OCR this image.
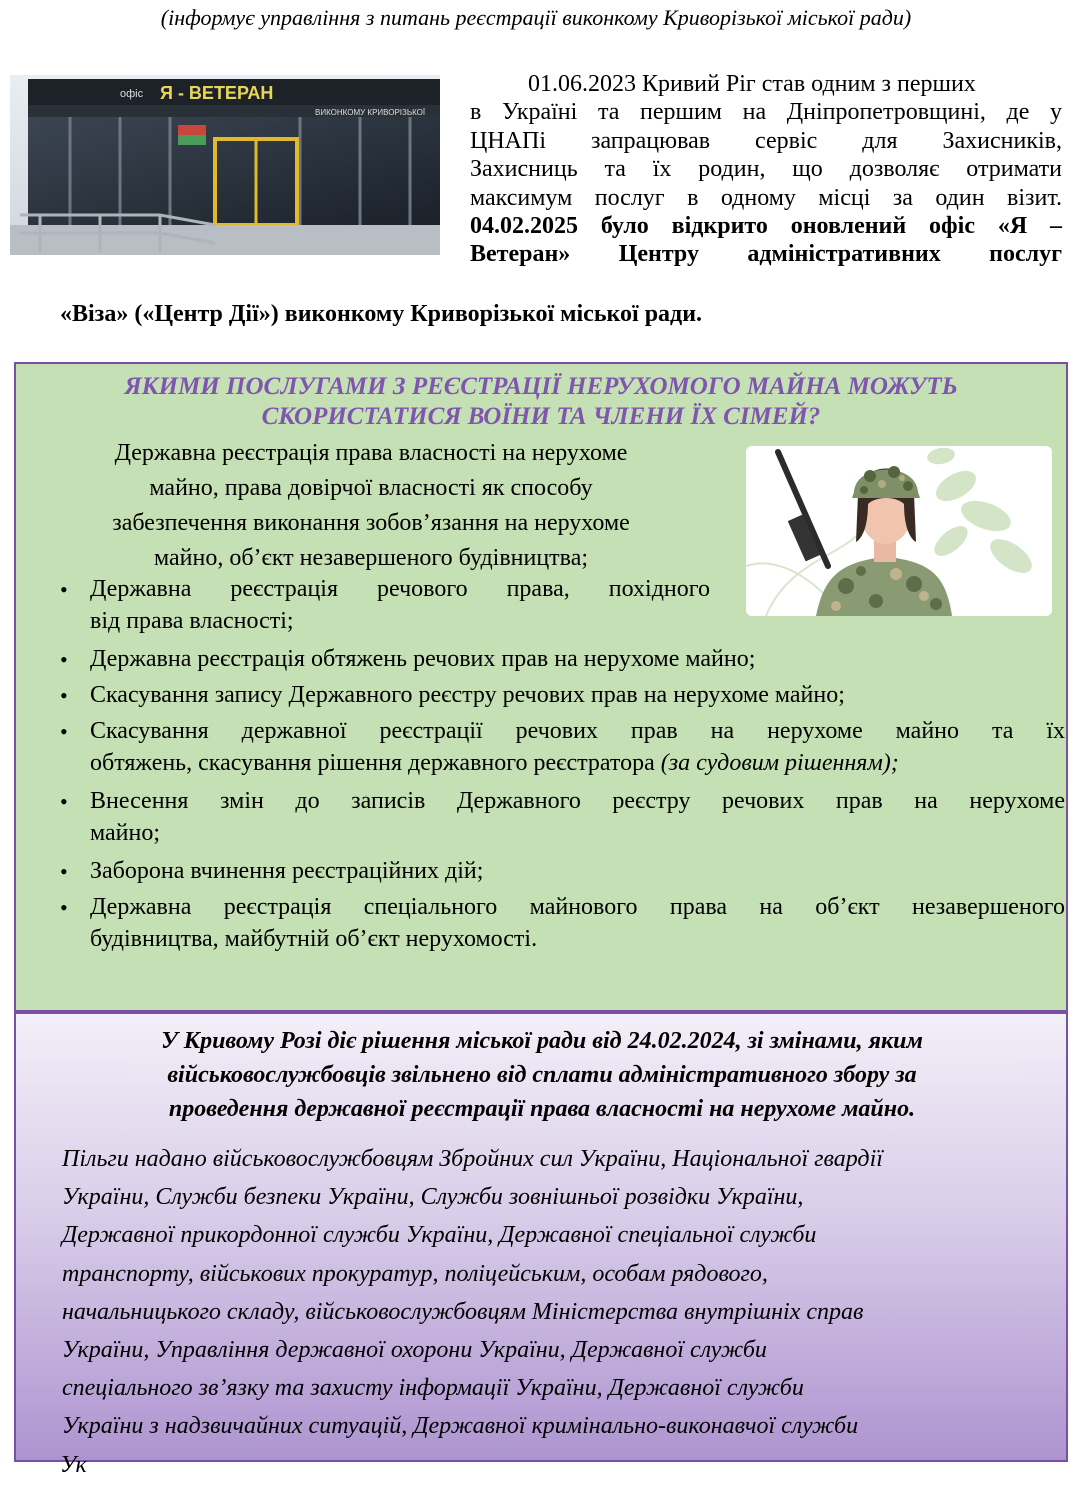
(інформує управління з питань реєстрації виконкому Криворізької міської ради)
Я - ВЕТЕРАН
офіс
ВИКОНКОМУ КРИВОРІЗЬКОЇ
01.06.2023 Кривий Ріг став одним з перших
в Україні та першим на Дніпропетровщині, де у
ЦНАПі запрацював сервіс для Захисників,
Захисниць та їх родин, що дозволяє отримати
максимум послуг в одному місці за один візит.
04.02.2025 було відкрито оновлений офіс «Я –
Ветеран» Центру адміністративних послуг
«Віза» («Центр Дії») виконкому Криворізької міської ради.
ЯКИМИ ПОСЛУГАМИ З РЕЄСТРАЦІЇ НЕРУХОМОГО МАЙНА МОЖУТЬ
СКОРИСТАТИСЯ ВОЇНИ ТА ЧЛЕНИ ЇХ СІМЕЙ?
Державна реєстрація права власності на нерухоме
майно, права довірчої власності як способу
забезпечення виконання зобов’язання на нерухоме
майно, об’єкт незавершеного будівництва;
• Державна реєстрація речового права, похідного
від права власності;
• Державна реєстрація обтяжень речових прав на нерухоме майно;
• Скасування запису Державного реєстру речових прав на нерухоме майно;
• Скасування державної реєстрації речових прав на нерухоме майно та їх
обтяжень, скасування рішення державного реєстратора (за судовим рішенням);
• Внесення змін до записів Державного реєстру речових прав на нерухоме
майно;
• Заборона вчинення реєстраційних дій;
• Державна реєстрація спеціального майнового права на об’єкт незавершеного
будівництва, майбутній об’єкт нерухомості.
У Кривому Розі діє рішення міської ради від 24.02.2024, зі змінами, яким
військовослужбовців звільнено від сплати адміністративного збору за
проведення державної реєстрації права власності на нерухоме майно.
Пільги надано військовослужбовцям Збройних сил України, Національної гвардії
України, Служби безпеки України, Служби зовнішньої розвідки України,
Державної прикордонної служби України, Державної спеціальної служби
транспорту, військових прокуратур, поліцейським, особам рядового,
начальницького складу, військовослужбовцям Міністерства внутрішніх справ
України, Управління державної охорони України, Державної служби
спеціального зв’язку та захисту інформації України, Державної служби
України з надзвичайних ситуацій, Державної кримінально-виконавчої служби
Ук
